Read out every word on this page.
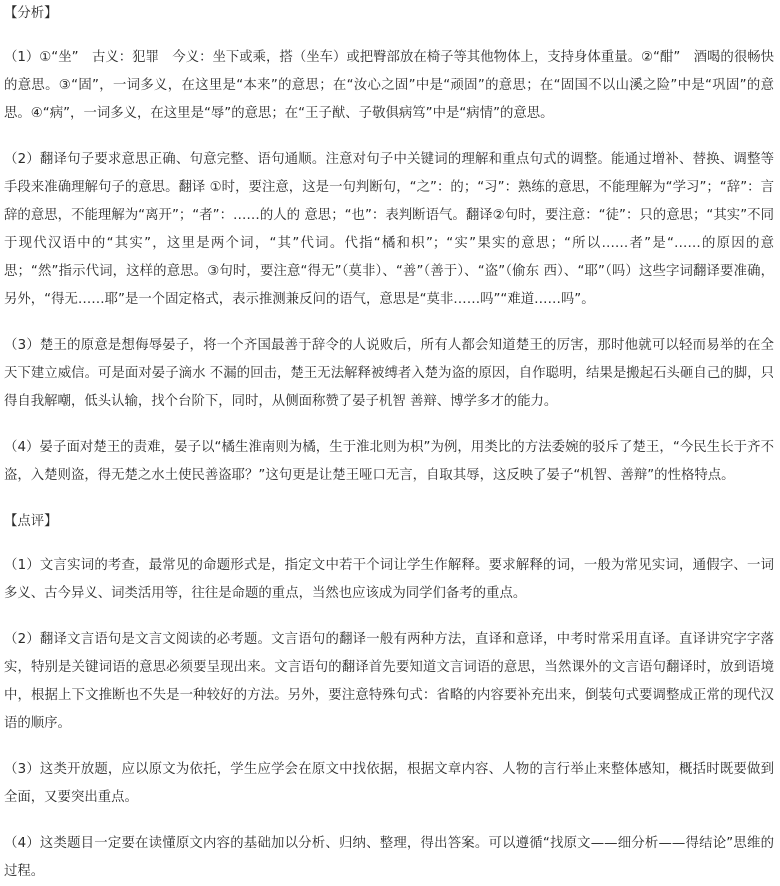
【分析】

（1）①“坐”　古义：犯罪　今义：坐下或乘，搭（坐车）或把臀部放在椅子等其他物体上，支持身体重量。②“酣”　酒喝的很畅快的意思。③“固”，一词多义，在这里是“本来”的意思；在“汝心之固”中是“顽固”的意思；在“固国不以山溪之险”中是“巩固”的意思。④“病”，一词多义，在这里是“辱”的意思；在“王子猷、子敬俱病笃”中是“病情”的意思。

（2）翻译句子要求意思正确、句意完整、语句通顺。注意对句子中关键词的理解和重点句式的调整。能通过增补、替换、调整等手段来准确理解句子的意思。翻译 ①时，要注意，这是一句判断句，“之”：的；“习”：熟练的意思，不能理解为“学习”；“辞”：言辞的意思，不能理解为“离开”；“者”：……的人的 意思；“也”：表判断语气。翻译②句时，要注意：“徒”：只的意思；“其实”不同于现代汉语中的“其实”，这里是两个词，“其”代词。代指“橘和枳”；“实”果实的意思；“所以……者”是“……的原因的意思；“然”指示代词，这样的意思。③句时，要注意“得无”（莫非）、“善”（善于）、“盗”（偷东 西）、“耶”（吗）这些字词翻译要准确，另外，“得无……耶”是一个固定格式，表示推测兼反问的语气，意思是“莫非……吗”“难道……吗”。

（3）楚王的原意是想侮辱晏子，将一个齐国最善于辞令的人说败后，所有人都会知道楚王的厉害，那时他就可以轻而易举的在全天下建立威信。可是面对晏子滴水 不漏的回击，楚王无法解释被缚者入楚为盗的原因，自作聪明，结果是搬起石头砸自己的脚，只得自我解嘲，低头认输，找个台阶下，同时，从侧面称赞了晏子机智 善辩、博学多才的能力。

（4）晏子面对楚王的责难，晏子以“橘生淮南则为橘，生于淮北则为枳”为例，用类比的方法委婉的驳斥了楚王，“今民生长于齐不盗，入楚则盗，得无楚之水土使民善盗耶？”这句更是让楚王哑口无言，自取其辱，这反映了晏子“机智、善辩”的性格特点。

【点评】

（1）文言实词的考查，最常见的命题形式是，指定文中若干个词让学生作解释。要求解释的词，一般为常见实词，通假字、一词多义、古今异义、词类活用等，往往是命题的重点，当然也应该成为同学们备考的重点。

（2）翻译文言语句是文言文阅读的必考题。文言语句的翻译一般有两种方法，直译和意译，中考时常采用直译。直译讲究字字落实，特别是关键词语的意思必须要呈现出来。文言语句的翻译首先要知道文言词语的意思，当然课外的文言语句翻译时，放到语境中，根据上下文推断也不失是一种较好的方法。另外，要注意特殊句式：省略的内容要补充出来，倒装句式要调整成正常的现代汉语的顺序。

（3）这类开放题，应以原文为依托，学生应学会在原文中找依据，根据文章内容、人物的言行举止来整体感知，概括时既要做到全面，又要突出重点。

（4）这类题目一定要在读懂原文内容的基础加以分析、归纳、整理，得出答案。可以遵循“找原文——细分析——得结论”思维的过程。
